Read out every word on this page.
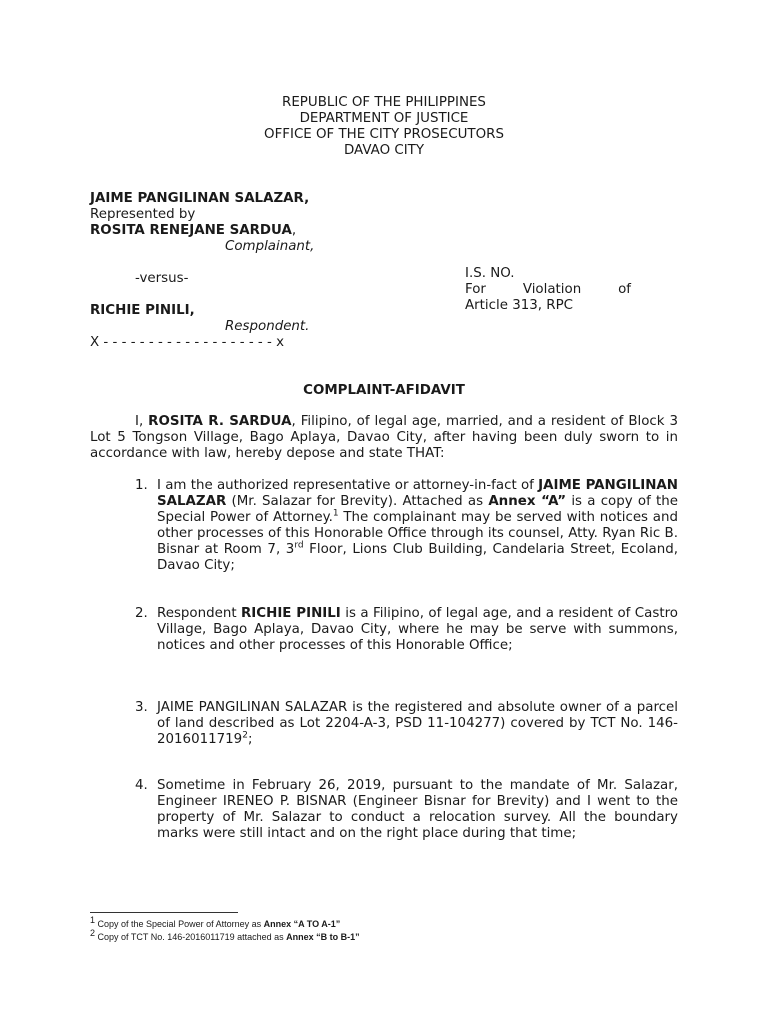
REPUBLIC OF THE PHILIPPINES
DEPARTMENT OF JUSTICE
OFFICE OF THE CITY PROSECUTORS
DAVAO CITY
JAIME PANGILINAN SALAZAR,
Represented by
ROSITA RENEJANE SARDUA,
Complainant,
-versus-
RICHIE PINILI,
Respondent.
X - - - - - - - - - - - - - - - - - - - x
I.S. NO.
For	Violation	of
Article 313, RPC
COMPLAINT-AFIDAVIT
I, ROSITA R. SARDUA, Filipino, of legal age, married, and a resident of Block 3 Lot 5 Tongson Village, Bago Aplaya, Davao City, after having been duly sworn to in accordance with law, hereby depose and state THAT:
1. I am the authorized representative or attorney-in-fact of JAIME PANGILINAN SALAZAR (Mr. Salazar for Brevity). Attached as Annex “A” is a copy of the Special Power of Attorney.$^1$ The complainant may be served with notices and other processes of this Honorable Office through its counsel, Atty. Ryan Ric B. Bisnar at Room 7, 3rd Floor, Lions Club Building, Candelaria Street, Ecoland, Davao City;
2. Respondent RICHIE PINILI is a Filipino, of legal age, and a resident of Castro Village, Bago Aplaya, Davao City, where he may be serve with summons, notices and other processes of this Honorable Office;
3. JAIME PANGILINAN SALAZAR is the registered and absolute owner of a parcel of land described as Lot 2204-A-3, PSD 11-104277) covered by TCT No. 146-2016011719$^2$;
4. Sometime in February 26, 2019, pursuant to the mandate of Mr. Salazar, Engineer IRENEO P. BISNAR (Engineer Bisnar for Brevity) and I went to the property of Mr. Salazar to conduct a relocation survey. All the boundary marks were still intact and on the right place during that time;
$^1$ Copy of the Special Power of Attorney as Annex “A TO A-1”
$^2$ Copy of TCT No. 146-2016011719 attached as Annex “B to B-1”
